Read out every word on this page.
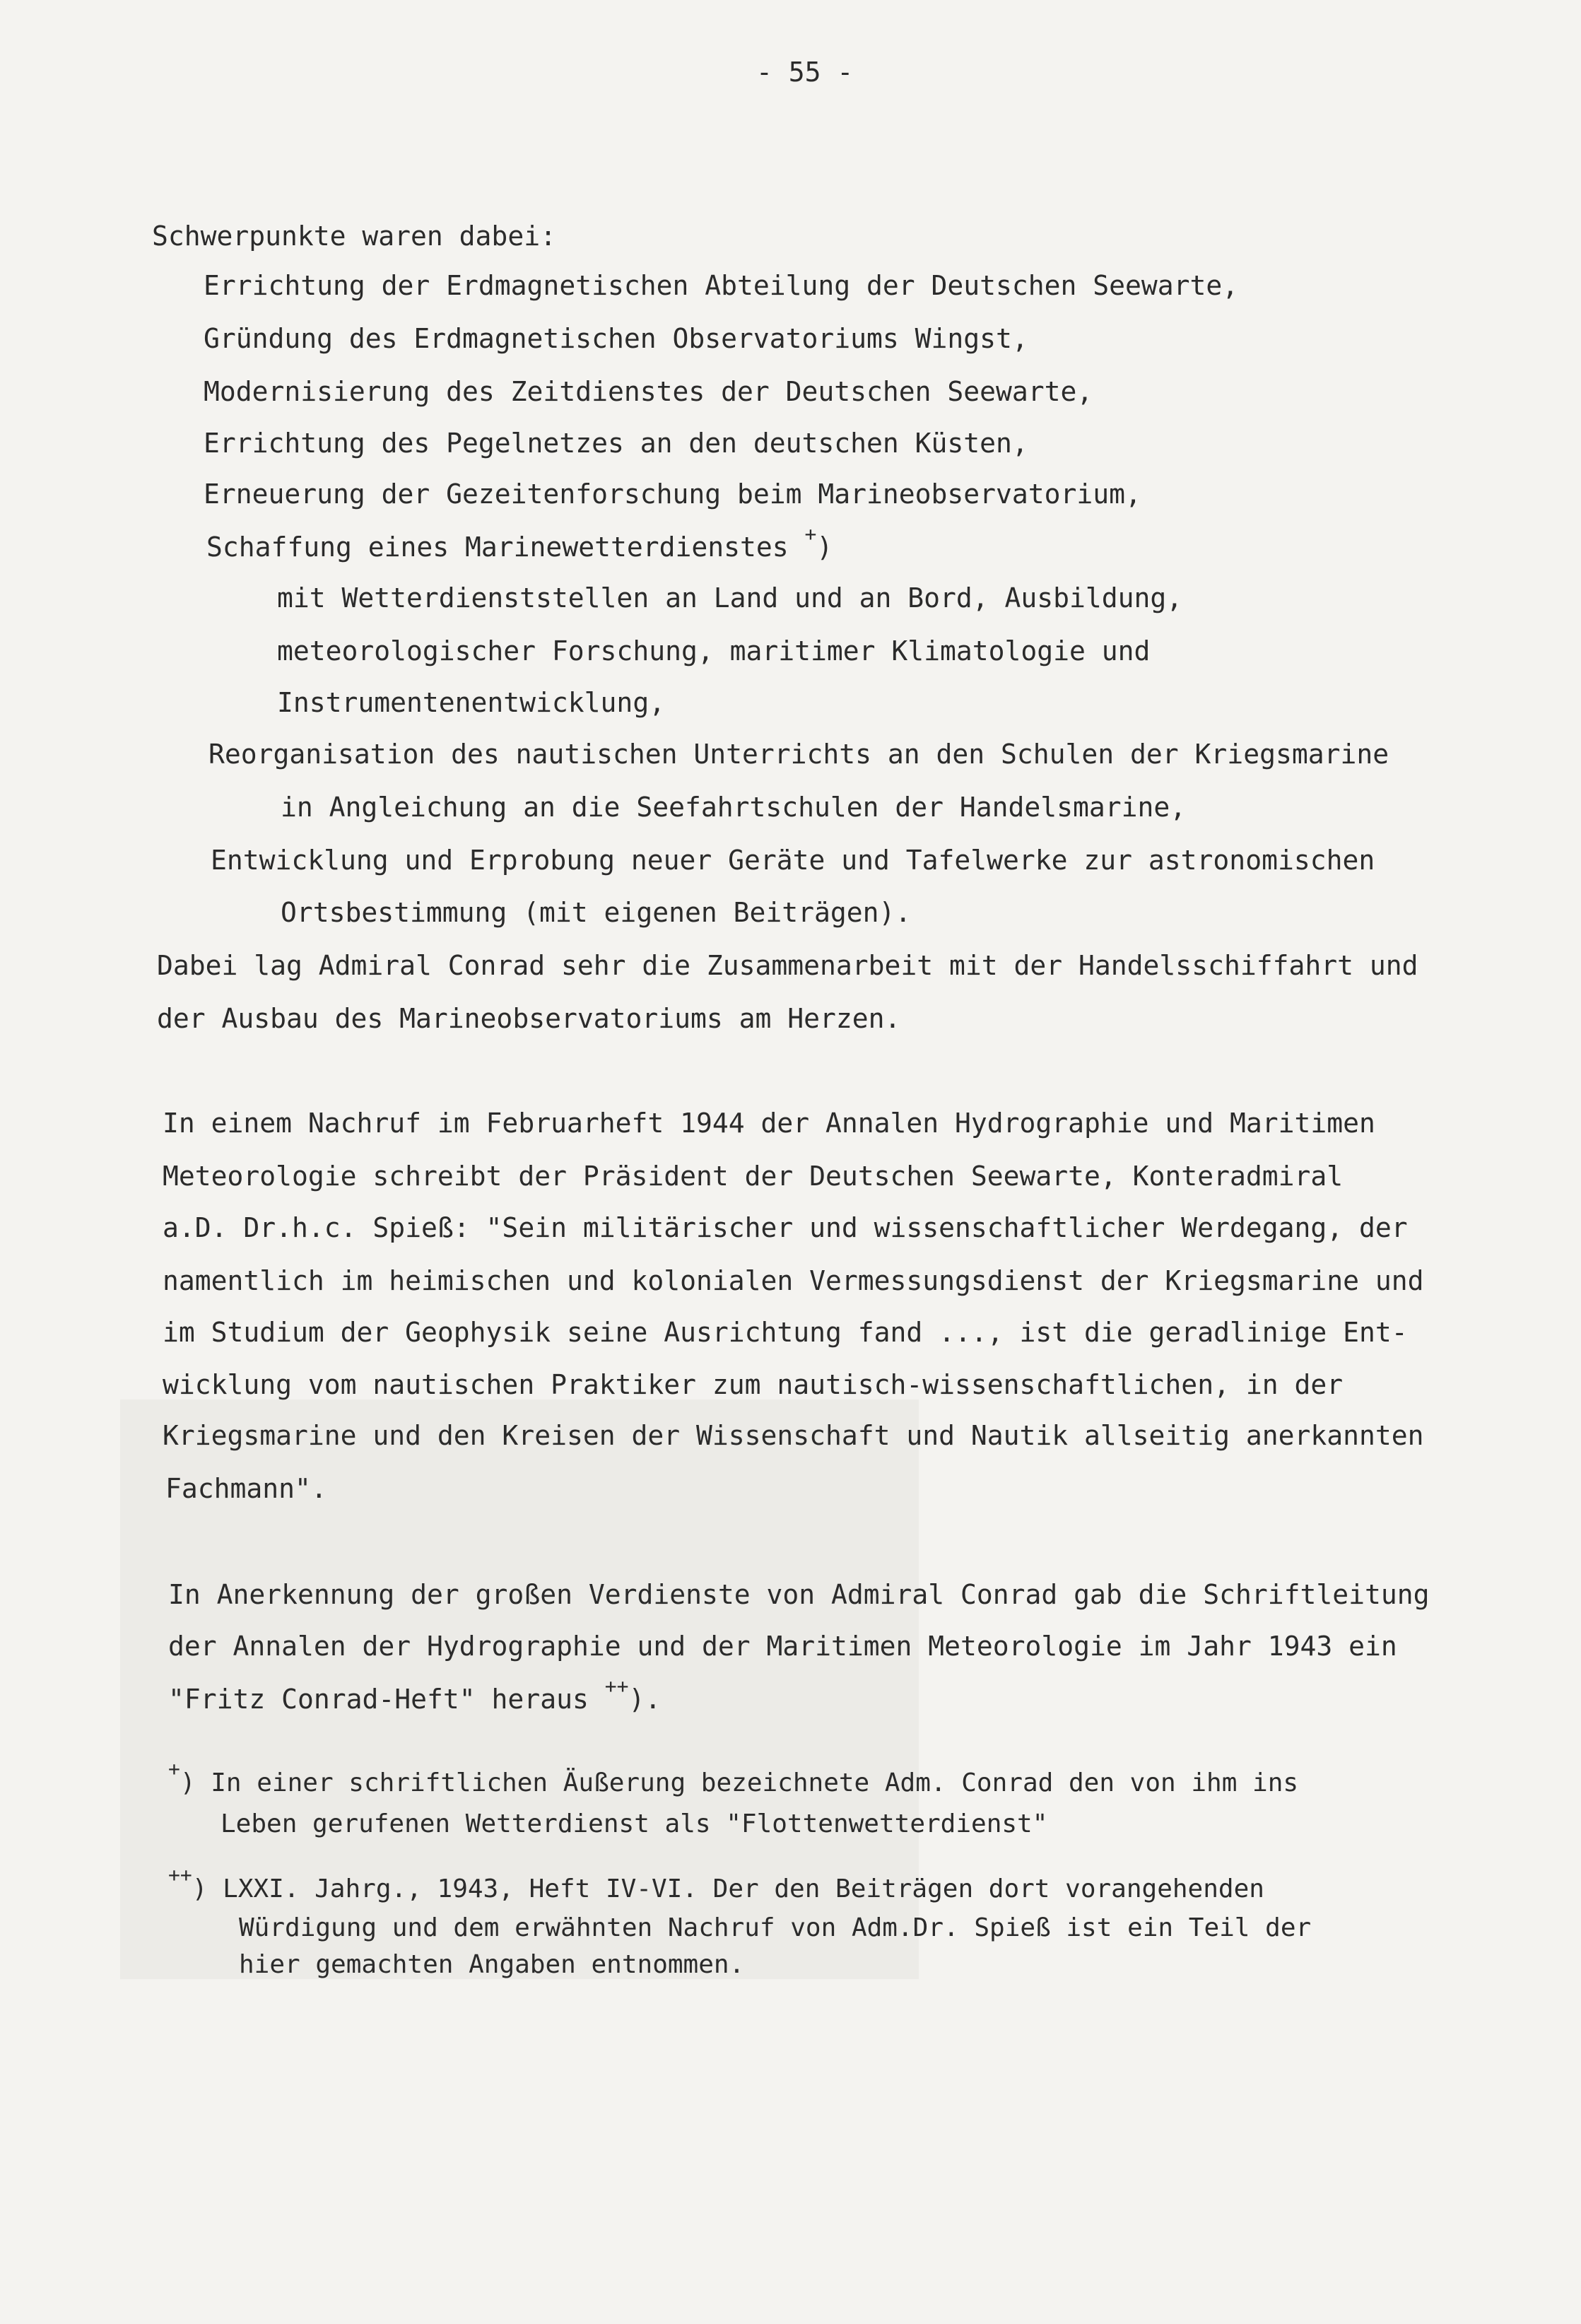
- 55 -
Schwerpunkte waren dabei:
Errichtung der Erdmagnetischen Abteilung der Deutschen Seewarte,
Gründung des Erdmagnetischen Observatoriums Wingst,
Modernisierung des Zeitdienstes der Deutschen Seewarte,
Errichtung des Pegelnetzes an den deutschen Küsten,
Erneuerung der Gezeitenforschung beim Marineobservatorium,
Schaffung eines Marinewetterdienstes +)
mit Wetterdienststellen an Land und an Bord, Ausbildung,
meteorologischer Forschung, maritimer Klimatologie und
Instrumentenentwicklung,
Reorganisation des nautischen Unterrichts an den Schulen der Kriegsmarine
in Angleichung an die Seefahrtschulen der Handelsmarine,
Entwicklung und Erprobung neuer Geräte und Tafelwerke zur astronomischen
Ortsbestimmung (mit eigenen Beiträgen).
Dabei lag Admiral Conrad sehr die Zusammenarbeit mit der Handelsschiffahrt und
der Ausbau des Marineobservatoriums am Herzen.
In einem Nachruf im Februarheft 1944 der Annalen Hydrographie und Maritimen
Meteorologie schreibt der Präsident der Deutschen Seewarte, Konteradmiral
a.D. Dr.h.c. Spieß: "Sein militärischer und wissenschaftlicher Werdegang, der
namentlich im heimischen und kolonialen Vermessungsdienst der Kriegsmarine und
im Studium der Geophysik seine Ausrichtung fand ..., ist die geradlinige Ent-
wicklung vom nautischen Praktiker zum nautisch-wissenschaftlichen, in der
Kriegsmarine und den Kreisen der Wissenschaft und Nautik allseitig anerkannten
Fachmann".
In Anerkennung der großen Verdienste von Admiral Conrad gab die Schriftleitung
der Annalen der Hydrographie und der Maritimen Meteorologie im Jahr 1943 ein
"Fritz Conrad-Heft" heraus ++).
+) In einer schriftlichen Äußerung bezeichnete Adm. Conrad den von ihm ins
Leben gerufenen Wetterdienst als "Flottenwetterdienst"
++) LXXI. Jahrg., 1943, Heft IV-VI. Der den Beiträgen dort vorangehenden
Würdigung und dem erwähnten Nachruf von Adm.Dr. Spieß ist ein Teil der
hier gemachten Angaben entnommen.
